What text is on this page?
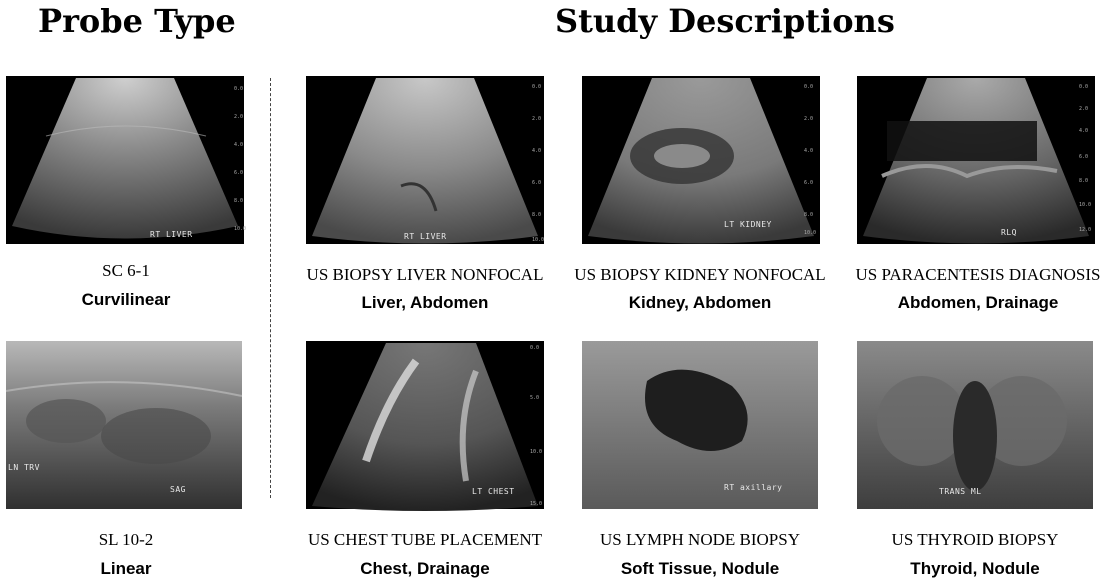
Probe Type	Study Descriptions
0.0
2.0
4.0
6.0
8.0
10.0
RT LIVER
SC 6-1
Curvilinear
LN TRV
SAG
SL 10-2
Linear
0.0
2.0
4.0
6.0
8.0
10.0
RT LIVER
US BIOPSY LIVER NONFOCAL
Liver, Abdomen
0.0
2.0
4.0
6.0
8.0
10.0
LT KIDNEY
US BIOPSY KIDNEY NONFOCAL
Kidney, Abdomen
0.0
2.0
4.0
6.0
8.0
10.0
12.0
RLQ
US PARACENTESIS DIAGNOSIS
Abdomen, Drainage
0.0
5.0
10.0
15.0
LT CHEST
US CHEST TUBE PLACEMENT
Chest, Drainage
RT axillary
US LYMPH NODE BIOPSY
Soft Tissue, Nodule
TRANS ML
US THYROID BIOPSY
Thyroid, Nodule
